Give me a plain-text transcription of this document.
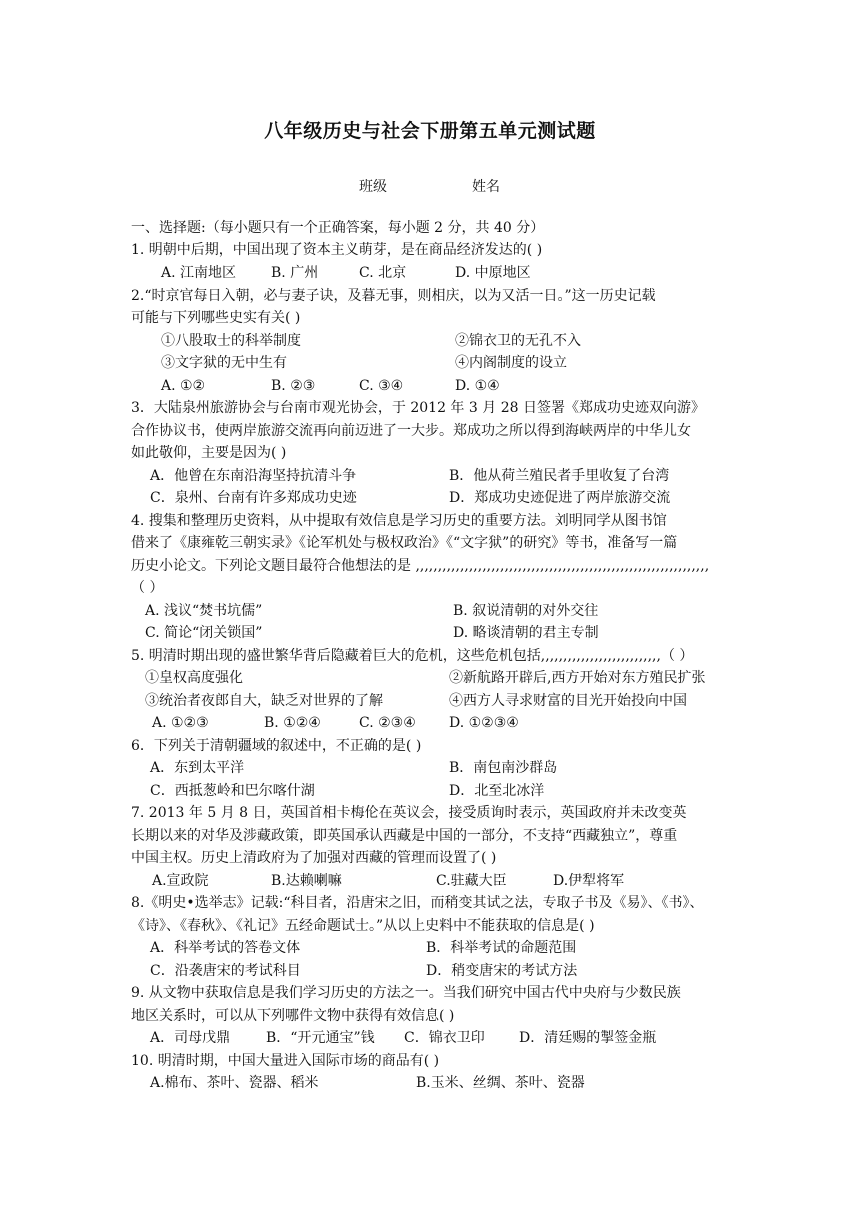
八年级历史与社会下册第五单元测试题
班级	姓名
一、选择题:（每小题只有一个正确答案，每小题 2 分，共 40 分）
1. 明朝中后期，中国出现了资本主义萌芽，是在商品经济发达的( )
A. 江南地区 B. 广州	C. 北京	D. 中原地区
2.“时京官每日入朝，必与妻子诀，及暮无事，则相庆，以为又活一日。”这一历史记载
可能与下列哪些史实有关( )
①八股取士的科举制度	②锦衣卫的无孔不入
③文字狱的无中生有	④内阁制度的设立
A. ①②	B. ②③	C. ③④	D. ①④
3．大陆泉州旅游协会与台南市观光协会，于 2012 年 3 月 28 日签署《郑成功史迹双向游》
合作协议书，使两岸旅游交流再向前迈进了一大步。郑成功之所以得到海峡两岸的中华儿女
如此敬仰，主要是因为( )
A．他曾在东南沿海坚持抗清斗争	B．他从荷兰殖民者手里收复了台湾
C．泉州、台南有许多郑成功史迹	D．郑成功史迹促进了两岸旅游交流
4. 搜集和整理历史资料，从中提取有效信息是学习历史的重要方法。刘明同学从图书馆
借来了《康雍乾三朝实录》《论军机处与极权政治》《“文字狱”的研究》等书，准备写一篇
历史小论文。下列论文题目最符合他想法的是 ,,,,,,,,,,,,,,,,,,,,,,,,,,,,,,,,,,,,,,,,,,,,,,,,,,,,,,,,,,,,,,,,,,
（ ）
A. 浅议“焚书坑儒”	B. 叙说清朝的对外交往
C. 简论“闭关锁国”	D. 略谈清朝的君主专制
5. 明清时期出现的盛世繁华背后隐藏着巨大的危机，这些危机包括,,,,,,,,,,,,,,,,,,,,,,,,,,,（ ）
①皇权高度强化	②新航路开辟后,西方开始对东方殖民扩张
③统治者夜郎自大，缺乏对世界的了解	④西方人寻求财富的目光开始投向中国
A. ①②③	B. ①②④	C. ②③④ D. ①②③④
6．下列关于清朝疆域的叙述中，不正确的是( )
A．东到太平洋	B．南包南沙群岛
C．西抵葱岭和巴尔喀什湖	D．北至北冰洋
7. 2013 年 5 月 8 日，英国首相卡梅伦在英议会，接受质询时表示，英国政府并未改变英
长期以来的对华及涉藏政策，即英国承认西藏是中国的一部分，不支持“西藏独立”，尊重
中国主权。历史上清政府为了加强对西藏的管理而设置了( )
A.宣政院	B.达赖喇嘛	C.驻藏大臣	D.伊犁将军
8.《明史•选举志》记载:“科目者，沿唐宋之旧，而稍变其试之法，专取子书及《易》、《书》、
《诗》、《春秋》、《礼记》五经命题试士。”从以上史料中不能获取的信息是( )
A．科举考试的答卷文体	B．科举考试的命题范围
C．沿袭唐宋的考试科目	D．稍变唐宋的考试方法
9. 从文物中获取信息是我们学习历史的方法之一。当我们研究中国古代中央府与少数民族
地区关系时，可以从下列哪件文物中获得有效信息( )
A．司母戊鼎	B．“开元通宝”钱 C．锦衣卫印 D．清廷赐的掣签金瓶
10. 明清时期，中国大量进入国际市场的商品有( )
A.棉布、茶叶、瓷器、稻米	B.玉米、丝绸、茶叶、瓷器
